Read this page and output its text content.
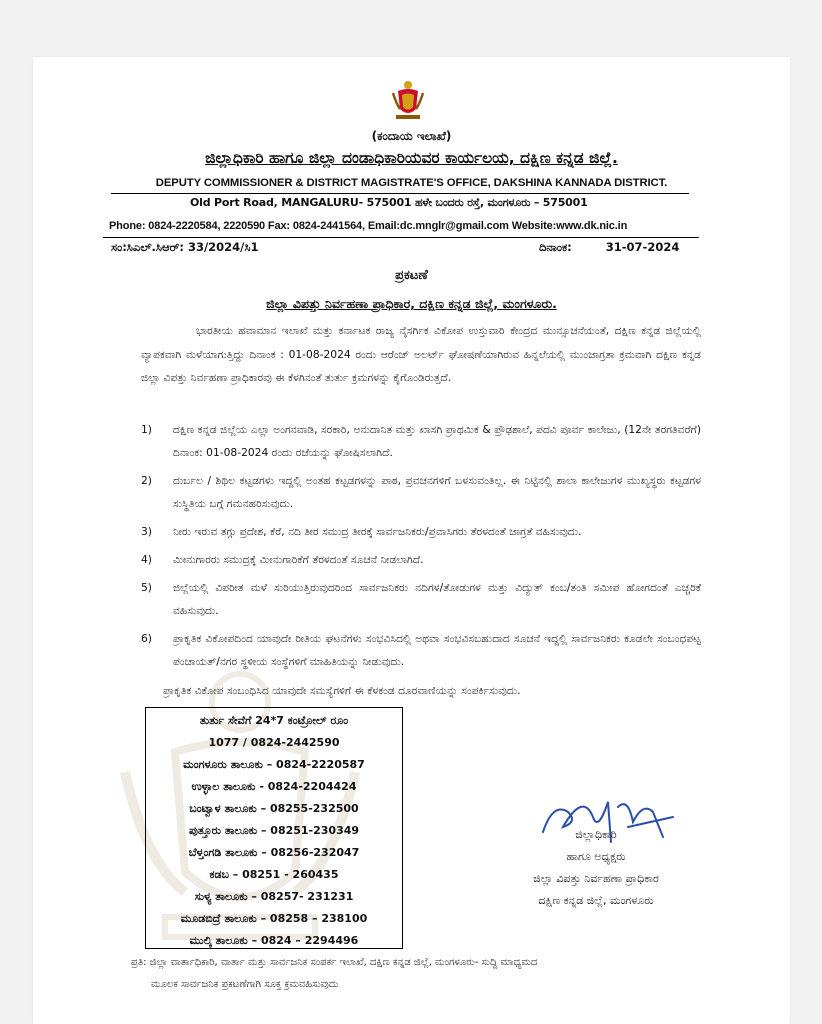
(ಕಂದಾಯ ಇಲಾಖೆ)
ಜಿಲ್ಲಾಧಿಕಾರಿ ಹಾಗೂ ಜಿಲ್ಲಾ ದಂಡಾಧಿಕಾರಿಯವರ ಕಾರ್ಯಲಯ, ದಕ್ಷಿಣ ಕನ್ನಡ ಜಿಲ್ಲೆ.
DEPUTY COMMISSIONER & DISTRICT MAGISTRATE'S OFFICE, DAKSHINA KANNADA DISTRICT.
Old Port Road, MANGALURU- 575001 ಹಳೇ ಬಂದರು ರಸ್ತೆ, ಮಂಗಳೂರು – 575001
Phone: 0824-2220584, 2220590 Fax: 0824-2441564, Email:dc.mnglr@gmail.com Website:www.dk.nic.in
ಸಂ:ಸಿಎಲ್.ಸಿಆರ್: 33/2024/ಸಿ1	ದಿನಾಂಕ:	31-07-2024
ಪ್ರಕಟಣೆ
ಜಿಲ್ಲಾ ವಿಪತ್ತು ನಿರ್ವಹಣಾ ಪ್ರಾಧಿಕಾರ, ದಕ್ಷಿಣ ಕನ್ನಡ ಜಿಲ್ಲೆ, ಮಂಗಳೂರು.
ಭಾರತೀಯ ಹವಾಮಾನ ಇಲಾಖೆ ಮತ್ತು ಕರ್ನಾಟಕ ರಾಜ್ಯ ನೈಸರ್ಗಿಕ ವಿಕೋಪ ಉಸ್ತುವಾರಿ ಕೇಂದ್ರದ ಮುನ್ಸೂಚನೆಯಂತೆ, ದಕ್ಷಿಣ ಕನ್ನಡ ಜಿಲ್ಲೆಯಲ್ಲಿ ವ್ಯಾಪಕವಾಗಿ ಮಳೆಯಾಗುತ್ತಿದ್ದು ದಿನಾಂಕ : 01-08-2024 ರಂದು ಆರೆಂಜ್ ಅಲರ್ಟ್ ಘೋಷಣೆಯಾಗಿರುವ ಹಿನ್ನಲೆಯಲ್ಲಿ ಮುಂಜಾಗ್ರತಾ ಕ್ರಮವಾಗಿ ದಕ್ಷಿಣ ಕನ್ನಡ ಜಿಲ್ಲಾ ವಿಪತ್ತು ನಿರ್ವಹಣಾ ಪ್ರಾಧಿಕಾರವು ಈ ಕೆಳಗಿನಂತೆ ತುರ್ತು ಕ್ರಮಗಳನ್ನು ಕೈಗೊಂಡಿರುತ್ತದೆ.
1) ದಕ್ಷಿಣ ಕನ್ನಡ ಜಿಲ್ಲೆಯ ಎಲ್ಲಾ ಅಂಗನವಾಡಿ, ಸರಕಾರಿ, ಅನುದಾನಿತ ಮತ್ತು ಖಾಸಗಿ ಪ್ರಾಥಮಿಕ & ಪ್ರೌಢಶಾಲೆ, ಪದವಿ ಪೂರ್ವ ಕಾಲೇಜು, (12ನೇ ತರಗತಿವರೆಗೆ) ದಿನಾಂಕ: 01-08-2024 ರಂದು ರಜೆಯನ್ನು ಘೋಷಿಸಲಾಗಿದೆ.
2) ದುರ್ಬಲ / ಶಿಥಿಲ ಕಟ್ಟಡಗಳು ಇದ್ದಲ್ಲಿ ಅಂತಹ ಕಟ್ಟಡಗಳನ್ನು ಪಾಠ, ಪ್ರವಚನಗಳಿಗೆ ಬಳಸುವಂತಿಲ್ಲ. ಈ ನಿಟ್ಟಿನಲ್ಲಿ ಶಾಲಾ ಕಾಲೇಜುಗಳ ಮುಖ್ಯಸ್ಥರು ಕಟ್ಟಡಗಳ ಸುಸ್ಥಿತಿಯ ಬಗ್ಗೆ ಗಮನಹರಿಸುವುದು.
3) ನೀರು ಇರುವ ತಗ್ಗು ಪ್ರದೇಶ, ಕೆರೆ, ನದಿ ತೀರ ಸಮುದ್ರ ತೀರಕ್ಕೆ ಸಾರ್ವಜನಿಕರು/ಪ್ರವಾಸಿಗರು ತೆರಳದಂತೆ ಜಾಗ್ರತೆ ವಹಿಸುವುದು.
4) ಮೀನುಗಾರರು ಸಮುದ್ರಕ್ಕೆ ಮೀನುಗಾರಿಕೆಗೆ ತೆರಳದಂತೆ ಸೂಚನೆ ನೀಡಲಾಗಿದೆ.
5) ಜಿಲ್ಲೆಯಲ್ಲಿ ವಿಪರೀತ ಮಳೆ ಸುರಿಯುತ್ತಿರುವುದರಿಂದ ಸಾರ್ವಜನಿಕರು ನದಿಗಳ/ತೋಡುಗಳ ಮತ್ತು ವಿದ್ಯುತ್ ಕಂಬ/ತಂತಿ ಸಮೀಪ ಹೋಗದಂತೆ ಎಚ್ಚರಿಕೆ ವಹಿಸುವುದು.
6) ಪ್ರಾಕೃತಿಕ ವಿಕೋಪದಿಂದ ಯಾವುದೇ ರೀತಿಯ ಘಟನೆಗಳು ಸಂಭವಿಸಿದಲ್ಲಿ ಅಥವಾ ಸಂಭವಿಸಬಹುದಾದ ಸೂಚನೆ ಇದ್ದಲ್ಲಿ ಸಾರ್ವಜನಿಕರು ಕೂಡಲೇ ಸಂಬಂಧಪಟ್ಟ ಪಂಚಾಯತ್/ನಗರ ಸ್ಥಳೀಯ ಸಂಸ್ಥೆಗಳಿಗೆ ಮಾಹಿತಿಯನ್ನು ನೀಡುವುದು.
ಪ್ರಾಕೃತಿಕ ವಿಕೋಪ ಸಂಬಂಧಿಸಿದ ಯಾವುದೇ ಸಮಸ್ಯೆಗಳಿಗೆ ಈ ಕೆಳಕಂಡ ದೂರವಾಣಿಯನ್ನು ಸಂಪರ್ಕಿಸುವುದು.
ತುರ್ತು ಸೇವೆಗೆ 24*7 ಕಂಟ್ರೋಲ್ ರೂಂ
1077 / 0824-2442590
ಮಂಗಳೂರು ತಾಲೂಕು – 0824-2220587
ಉಳ್ಳಾಲ ತಾಲೂಕು - 0824-2204424
ಬಂಟ್ವಾಳ ತಾಲೂಕು – 08255-232500
ಪುತ್ತೂರು ತಾಲೂಕು – 08251-230349
ಬೆಳ್ತಂಗಡಿ ತಾಲೂಕು – 08256-232047
ಕಡಬ – 08251 - 260435
ಸುಳ್ಯ ತಾಲೂಕು – 08257- 231231
ಮೂಡಬಿದ್ರೆ ತಾಲೂಕು – 08258 – 238100
ಮುಲ್ಕಿ ತಾಲೂಕು – 0824 – 2294496
ಜಿಲ್ಲಾಧಿಕಾರಿ
ಹಾಗೂ ಅಧ್ಯಕ್ಷರು
ಜಿಲ್ಲಾ ವಿಪತ್ತು ನಿರ್ವಹಣಾ ಪ್ರಾಧಿಕಾರ
ದಕ್ಷಿಣ ಕನ್ನಡ ಜಿಲ್ಲೆ, ಮಂಗಳೂರು
ಪ್ರತಿ: ಜಿಲ್ಲಾ ವಾರ್ತಾಧಿಕಾರಿ, ವಾರ್ತಾ ಮತ್ತು ಸಾರ್ವಜನಿಕ ಸಂಪರ್ಕ ಇಲಾಖೆ, ದಕ್ಷಿಣ ಕನ್ನಡ ಜಿಲ್ಲೆ, ಮಂಗಳೂರು- ಸುದ್ದಿ ಮಾಧ್ಯಮದ
ಮೂಲಕ ಸಾರ್ವಜನಿಕ ಪ್ರಕಟಣೆಗಾಗಿ ಸೂಕ್ತ ಕ್ರಮವಹಿಸುವುದು
